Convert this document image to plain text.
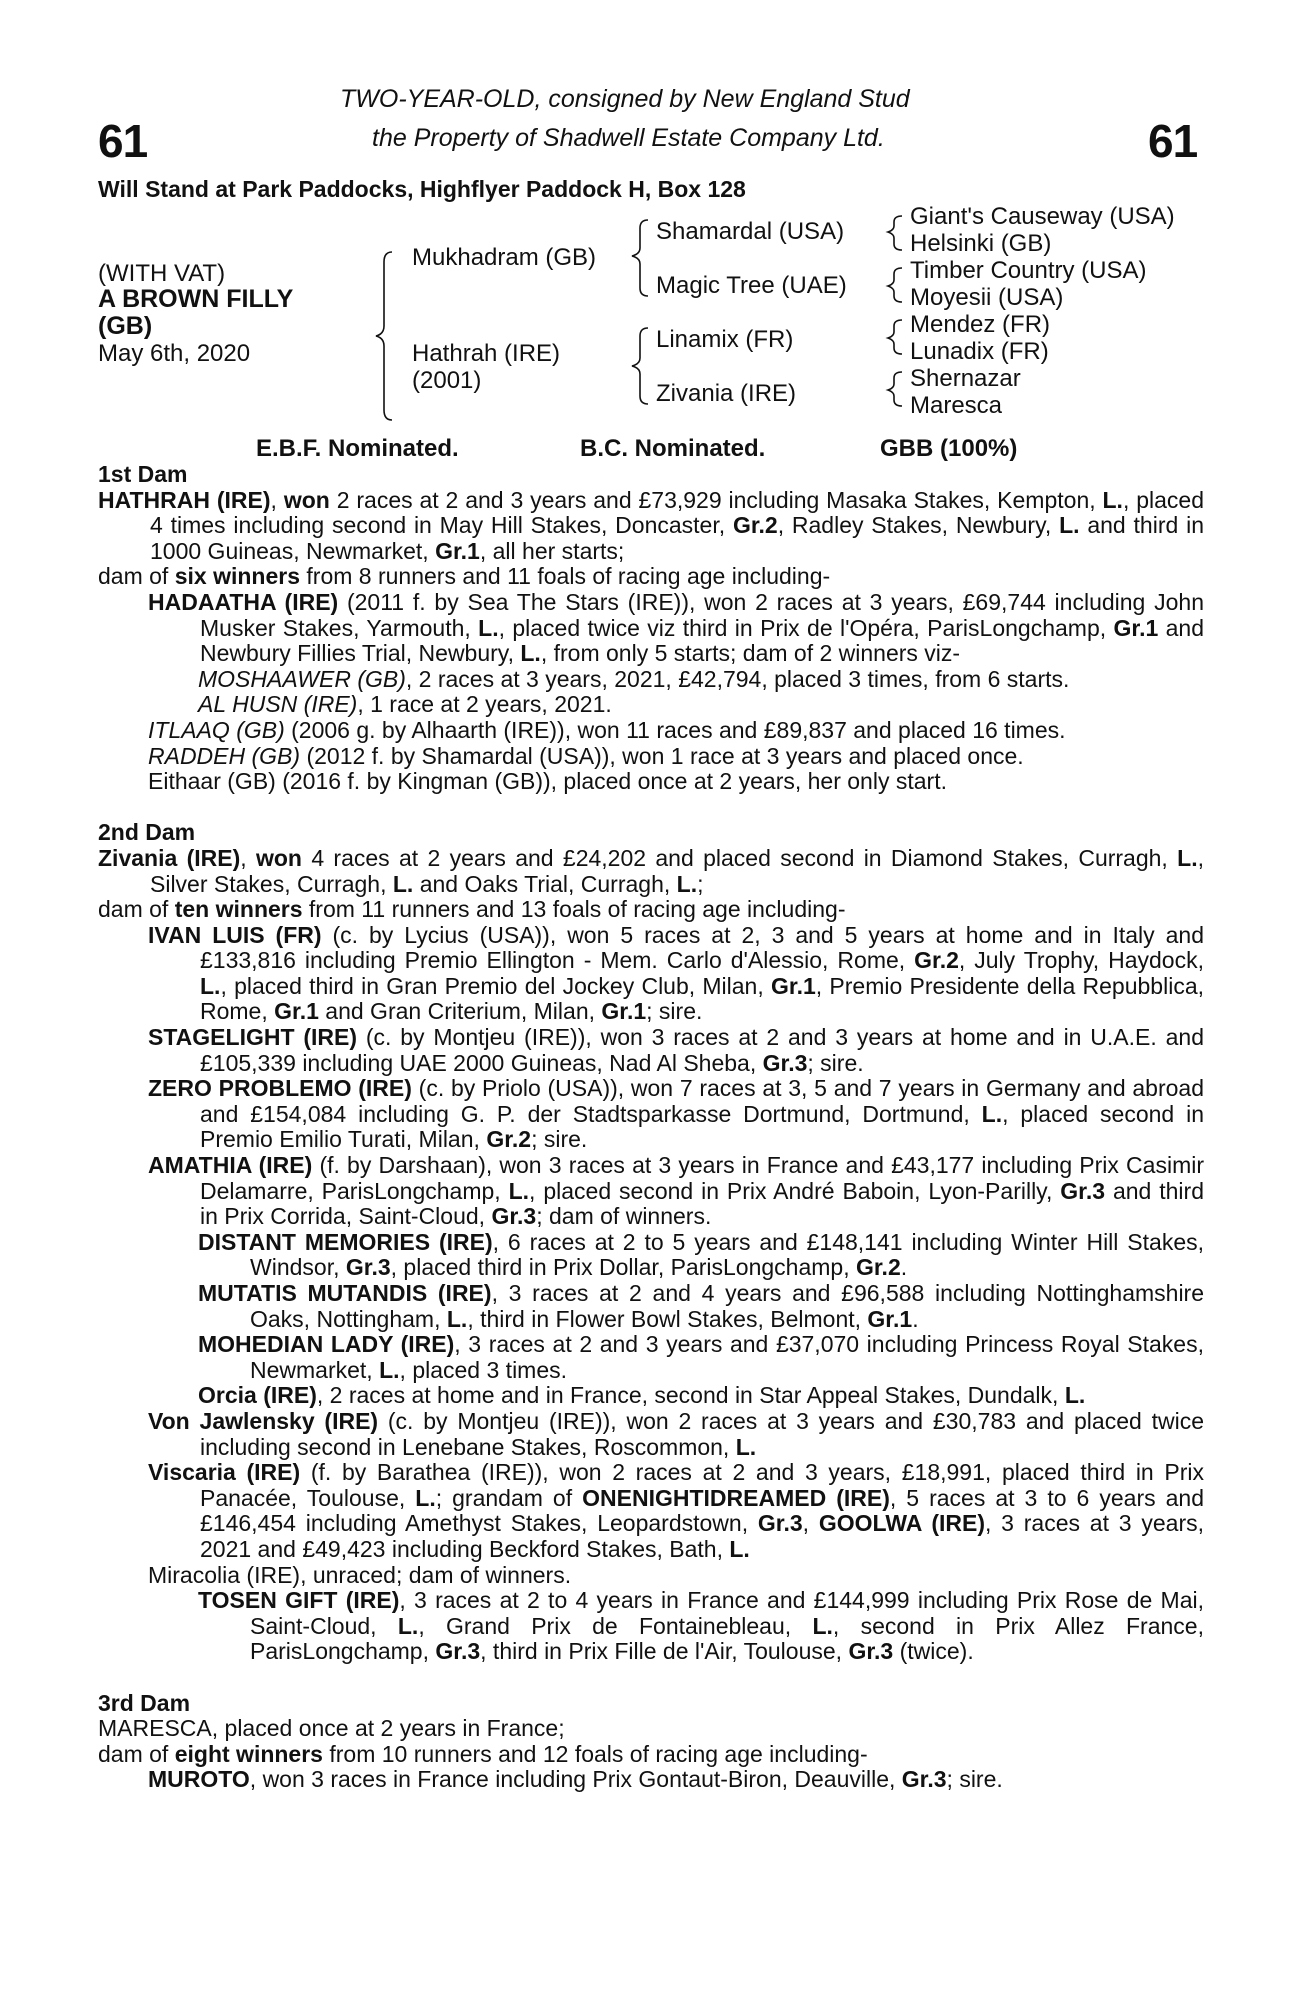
61	61
TWO-YEAR-OLD, consigned by New England Stud
the Property of Shadwell Estate Company Ltd.
Will Stand at Park Paddocks, Highflyer Paddock H, Box 128
(WITH VAT)
A BROWN FILLY
(GB)
May 6th, 2020
Mukhadram (GB)
Hathrah (IRE)
(2001)
Shamardal (USA)
Magic Tree (UAE)
Linamix (FR)
Zivania (IRE)
Giant's Causeway (USA)
Helsinki (GB)
Timber Country (USA)
Moyesii (USA)
Mendez (FR)
Lunadix (FR)
Shernazar
Maresca
E.B.F. Nominated.	B.C. Nominated.	GBB (100%)

1st Dam

HATHRAH (IRE), won 2 races at 2 and 3 years and £73,929 including Masaka Stakes, Kempton, L., placed 4 times including second in May Hill Stakes, Doncaster, Gr.2, Radley Stakes, Newbury, L. and third in 1000 Guineas, Newmarket, Gr.1, all her starts;

dam of six winners from 8 runners and 11 foals of racing age including-

HADAATHA (IRE) (2011 f. by Sea The Stars (IRE)), won 2 races at 3 years, £69,744 including John Musker Stakes, Yarmouth, L., placed twice viz third in Prix de l'Opéra, ParisLongchamp, Gr.1 and Newbury Fillies Trial, Newbury, L., from only 5 starts; dam of 2 winners viz-

MOSHAAWER (GB), 2 races at 3 years, 2021, £42,794, placed 3 times, from 6 starts.

AL HUSN (IRE), 1 race at 2 years, 2021.

ITLAAQ (GB) (2006 g. by Alhaarth (IRE)), won 11 races and £89,837 and placed 16 times.

RADDEH (GB) (2012 f. by Shamardal (USA)), won 1 race at 3 years and placed once.

Eithaar (GB) (2016 f. by Kingman (GB)), placed once at 2 years, her only start.

2nd Dam

Zivania (IRE), won 4 races at 2 years and £24,202 and placed second in Diamond Stakes, Curragh, L., Silver Stakes, Curragh, L. and Oaks Trial, Curragh, L.;

dam of ten winners from 11 runners and 13 foals of racing age including-

IVAN LUIS (FR) (c. by Lycius (USA)), won 5 races at 2, 3 and 5 years at home and in Italy and £133,816 including Premio Ellington - Mem. Carlo d'Alessio, Rome, Gr.2, July Trophy, Haydock, L., placed third in Gran Premio del Jockey Club, Milan, Gr.1, Premio Presidente della Repubblica, Rome, Gr.1 and Gran Criterium, Milan, Gr.1; sire.

STAGELIGHT (IRE) (c. by Montjeu (IRE)), won 3 races at 2 and 3 years at home and in U.A.E. and £105,339 including UAE 2000 Guineas, Nad Al Sheba, Gr.3; sire.

ZERO PROBLEMO (IRE) (c. by Priolo (USA)), won 7 races at 3, 5 and 7 years in Germany and abroad and £154,084 including G. P. der Stadtsparkasse Dortmund, Dortmund, L., placed second in Premio Emilio Turati, Milan, Gr.2; sire.

AMATHIA (IRE) (f. by Darshaan), won 3 races at 3 years in France and £43,177 including Prix Casimir Delamarre, ParisLongchamp, L., placed second in Prix André Baboin, Lyon-Parilly, Gr.3 and third in Prix Corrida, Saint-Cloud, Gr.3; dam of winners.

DISTANT MEMORIES (IRE), 6 races at 2 to 5 years and £148,141 including Winter Hill Stakes, Windsor, Gr.3, placed third in Prix Dollar, ParisLongchamp, Gr.2.

MUTATIS MUTANDIS (IRE), 3 races at 2 and 4 years and £96,588 including Nottinghamshire Oaks, Nottingham, L., third in Flower Bowl Stakes, Belmont, Gr.1.

MOHEDIAN LADY (IRE), 3 races at 2 and 3 years and £37,070 including Princess Royal Stakes, Newmarket, L., placed 3 times.

Orcia (IRE), 2 races at home and in France, second in Star Appeal Stakes, Dundalk, L.

Von Jawlensky (IRE) (c. by Montjeu (IRE)), won 2 races at 3 years and £30,783 and placed twice including second in Lenebane Stakes, Roscommon, L.

Viscaria (IRE) (f. by Barathea (IRE)), won 2 races at 2 and 3 years, £18,991, placed third in Prix Panacée, Toulouse, L.; grandam of ONENIGHTIDREAMED (IRE), 5 races at 3 to 6 years and £146,454 including Amethyst Stakes, Leopardstown, Gr.3, GOOLWA (IRE), 3 races at 3 years, 2021 and £49,423 including Beckford Stakes, Bath, L.

Miracolia (IRE), unraced; dam of winners.

TOSEN GIFT (IRE), 3 races at 2 to 4 years in France and £144,999 including Prix Rose de Mai, Saint-Cloud, L., Grand Prix de Fontainebleau, L., second in Prix Allez France, ParisLongchamp, Gr.3, third in Prix Fille de l'Air, Toulouse, Gr.3 (twice).

3rd Dam

MARESCA, placed once at 2 years in France;

dam of eight winners from 10 runners and 12 foals of racing age including-

MUROTO, won 3 races in France including Prix Gontaut-Biron, Deauville, Gr.3; sire.
